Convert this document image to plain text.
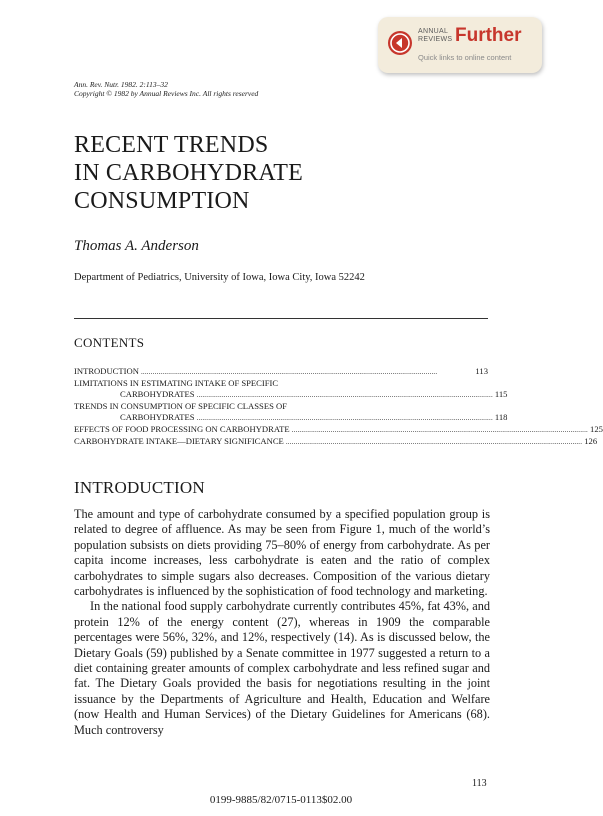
ANNUAL
REVIEWS Further
Quick links to online content
Ann. Rev. Nutr. 1982. 2:113–32
Copyright © 1982 by Annual Reviews Inc. All rights reserved
RECENT TRENDS
IN CARBOHYDRATE
CONSUMPTION
Thomas A. Anderson
Department of Pediatrics, University of Iowa, Iowa City, Iowa 52242
CONTENTS
INTRODUCTION ........................................................................................................................................................	113
LIMITATIONS IN ESTIMATING INTAKE OF SPECIFIC
CARBOHYDRATES ........................................................................................................................................................ 115
TRENDS IN CONSUMPTION OF SPECIFIC CLASSES OF
CARBOHYDRATES ........................................................................................................................................................ 118
EFFECTS OF FOOD PROCESSING ON CARBOHYDRATE ........................................................................................................................................................ 125
CARBOHYDRATE INTAKE—DIETARY SIGNIFICANCE ........................................................................................................................................................ 126
INTRODUCTION

The amount and type of carbohydrate consumed by a specified population group is related to degree of affluence. As may be seen from Figure 1, much of the world’s population subsists on diets providing 75–80% of energy from carbohydrate. As per capita income increases, less carbohydrate is eaten and the ratio of complex carbohydrates to simple sugars also decreases. Composition of the various dietary carbohydrates is influenced by the sophistication of food technology and marketing.

In the national food supply carbohydrate currently contributes 45%, fat 43%, and protein 12% of the energy content (27), whereas in 1909 the comparable percentages were 56%, 32%, and 12%, respectively (14). As is discussed below, the Dietary Goals (59) published by a Senate committee in 1977 suggested a return to a diet containing greater amounts of complex carbohydrate and less refined sugar and fat. The Dietary Goals provided the basis for negotiations resulting in the joint issuance by the Departments of Agriculture and Health, Education and Welfare (now Health and Human Services) of the Dietary Guidelines for Americans (68). Much controversy

113
0199-9885/82/0715-0113$02.00
